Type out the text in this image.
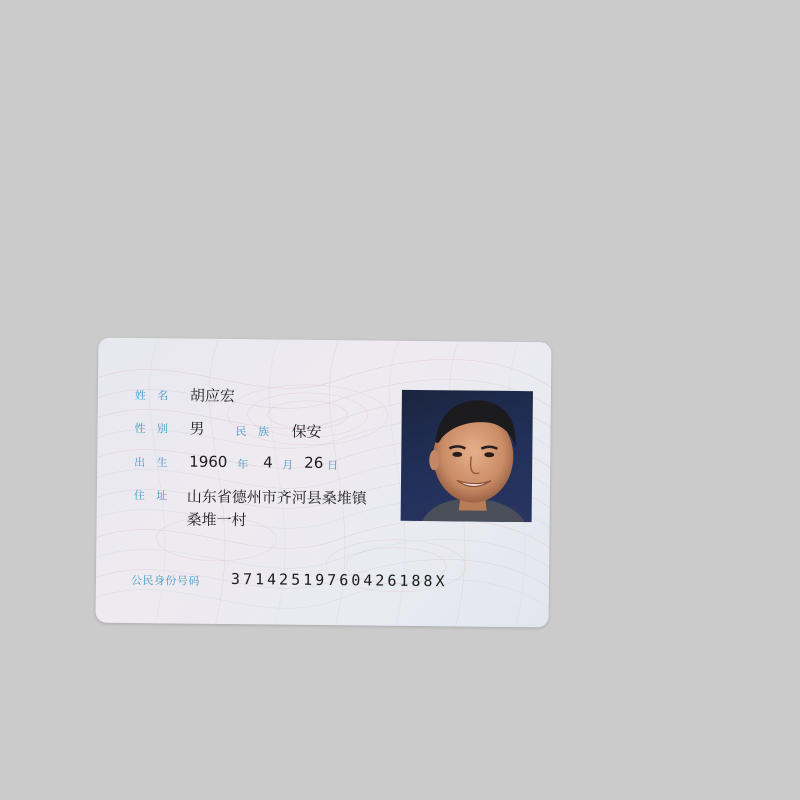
姓 名 胡应宏
性 别 男	民 族 保安
出 生 1960 年 4 月 26 日
住 址 山东省德州市齐河县桑堆镇
桑堆一村
公民身份号码 37142519760426188X
